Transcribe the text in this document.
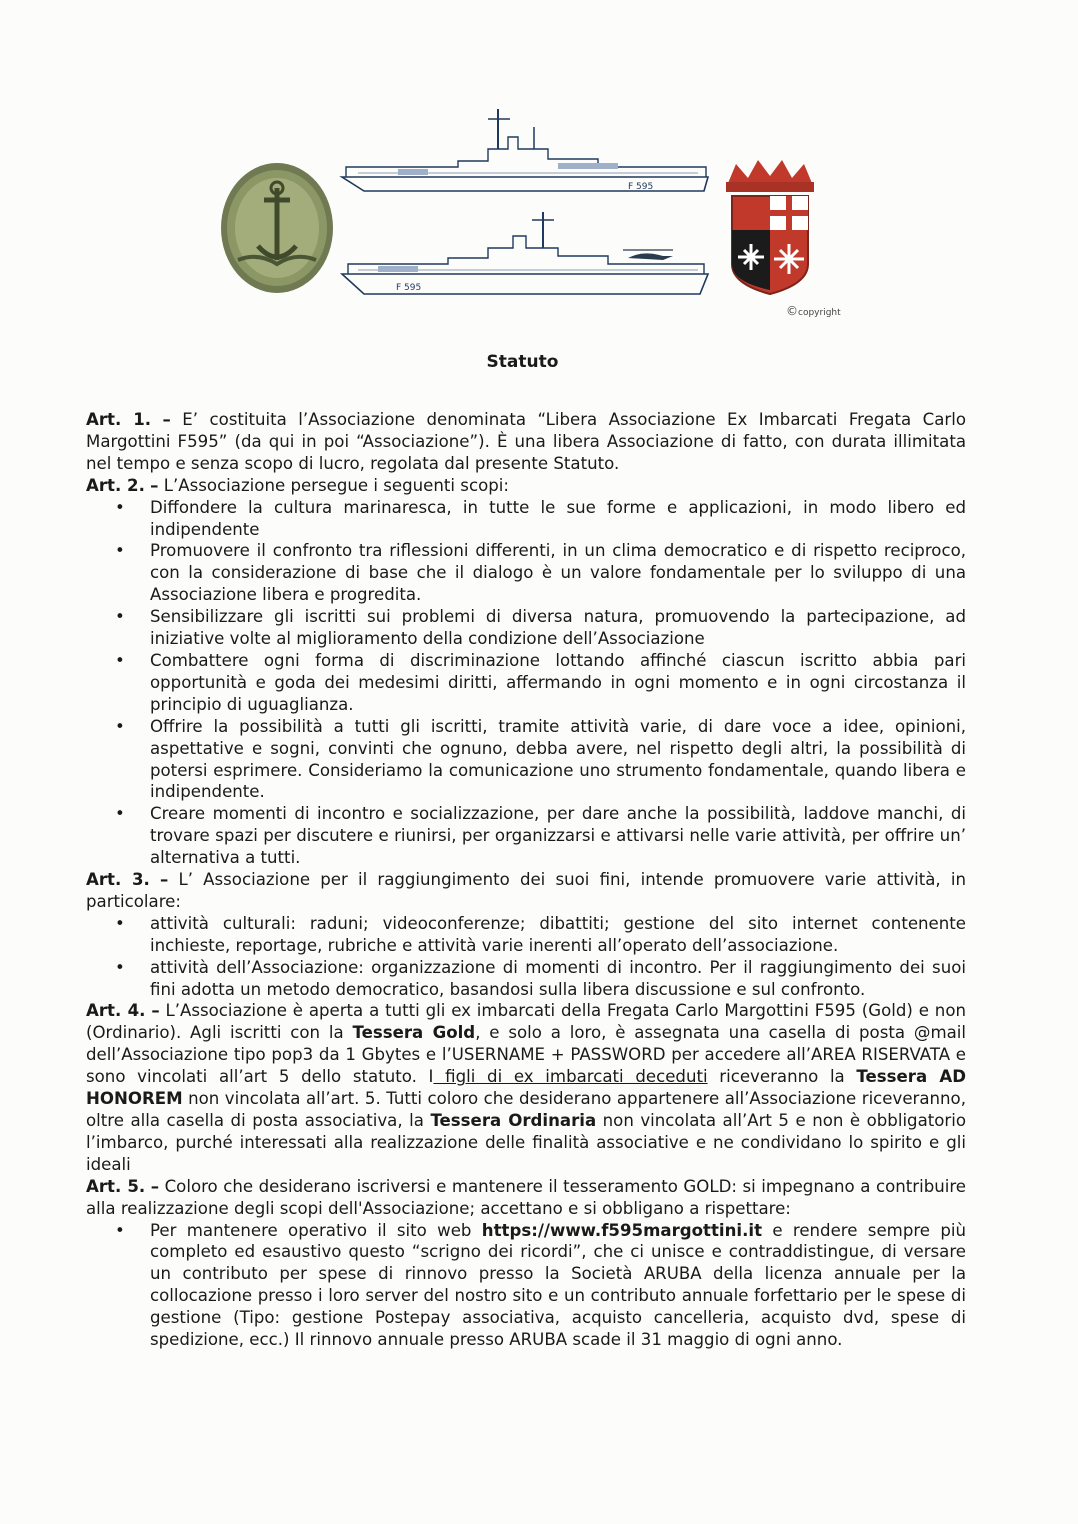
F 595
F 595
©copyright
Statuto

Art. 1. – E’ costituita l’Associazione denominata “Libera Associazione Ex Imbarcati Fregata Carlo Margottini F595” (da qui in poi “Associazione”). È una libera Associazione di fatto, con durata illimitata nel tempo e senza scopo di lucro, regolata dal presente Statuto.

Art. 2. – L’Associazione persegue i seguenti scopi:

• Diffondere la cultura marinaresca, in tutte le sue forme e applicazioni, in modo libero ed indipendente
• Promuovere il confronto tra riflessioni differenti, in un clima democratico e di rispetto reciproco, con la considerazione di base che il dialogo è un valore fondamentale per lo sviluppo di una Associazione libera e progredita.
• Sensibilizzare gli iscritti sui problemi di diversa natura, promuovendo la partecipazione, ad iniziative volte al miglioramento della condizione dell’Associazione
• Combattere ogni forma di discriminazione lottando affinché ciascun iscritto abbia pari opportunità e goda dei medesimi diritti, affermando in ogni momento e in ogni circostanza il principio di uguaglianza.
• Offrire la possibilità a tutti gli iscritti, tramite attività varie, di dare voce a idee, opinioni, aspettative e sogni, convinti che ognuno, debba avere, nel rispetto degli altri, la possibilità di potersi esprimere. Consideriamo la comunicazione uno strumento fondamentale, quando libera e indipendente.
• Creare momenti di incontro e socializzazione, per dare anche la possibilità, laddove manchi, di trovare spazi per discutere e riunirsi, per organizzarsi e attivarsi nelle varie attività, per offrire un’ alternativa a tutti.

Art. 3. – L’ Associazione per il raggiungimento dei suoi fini, intende promuovere varie attività, in particolare:

• attività culturali: raduni; videoconferenze; dibattiti; gestione del sito internet contenente inchieste, reportage, rubriche e attività varie inerenti all’operato dell’associazione.
• attività dell’Associazione: organizzazione di momenti di incontro. Per il raggiungimento dei suoi fini adotta un metodo democratico, basandosi sulla libera discussione e sul confronto.

Art. 4. – L’Associazione è aperta a tutti gli ex imbarcati della Fregata Carlo Margottini F595 (Gold) e non (Ordinario). Agli iscritti con la Tessera Gold, e solo a loro, è assegnata una casella di posta @mail dell’Associazione tipo pop3 da 1 Gbytes e l’USERNAME + PASSWORD per accedere all’AREA RISERVATA e sono vincolati all’art 5 dello statuto. I figli di ex imbarcati deceduti riceveranno la Tessera AD HONOREM non vincolata all’art. 5. Tutti coloro che desiderano appartenere all’Associazione riceveranno, oltre alla casella di posta associativa, la Tessera Ordinaria non vincolata all’Art 5 e non è obbligatorio l’imbarco, purché interessati alla realizzazione delle finalità associative e ne condividano lo spirito e gli ideali

Art. 5. – Coloro che desiderano iscriversi e mantenere il tesseramento GOLD: si impegnano a contribuire alla realizzazione degli scopi dell'Associazione; accettano e si obbligano a rispettare:

• Per mantenere operativo il sito web https://www.f595margottini.it e rendere sempre più completo ed esaustivo questo “scrigno dei ricordi”, che ci unisce e contraddistingue, di versare un contributo per spese di rinnovo presso la Società ARUBA della licenza annuale per la collocazione presso i loro server del nostro sito e un contributo annuale forfettario per le spese di gestione (Tipo: gestione Postepay associativa, acquisto cancelleria, acquisto dvd, spese di spedizione, ecc.) Il rinnovo annuale presso ARUBA scade il 31 maggio di ogni anno.
